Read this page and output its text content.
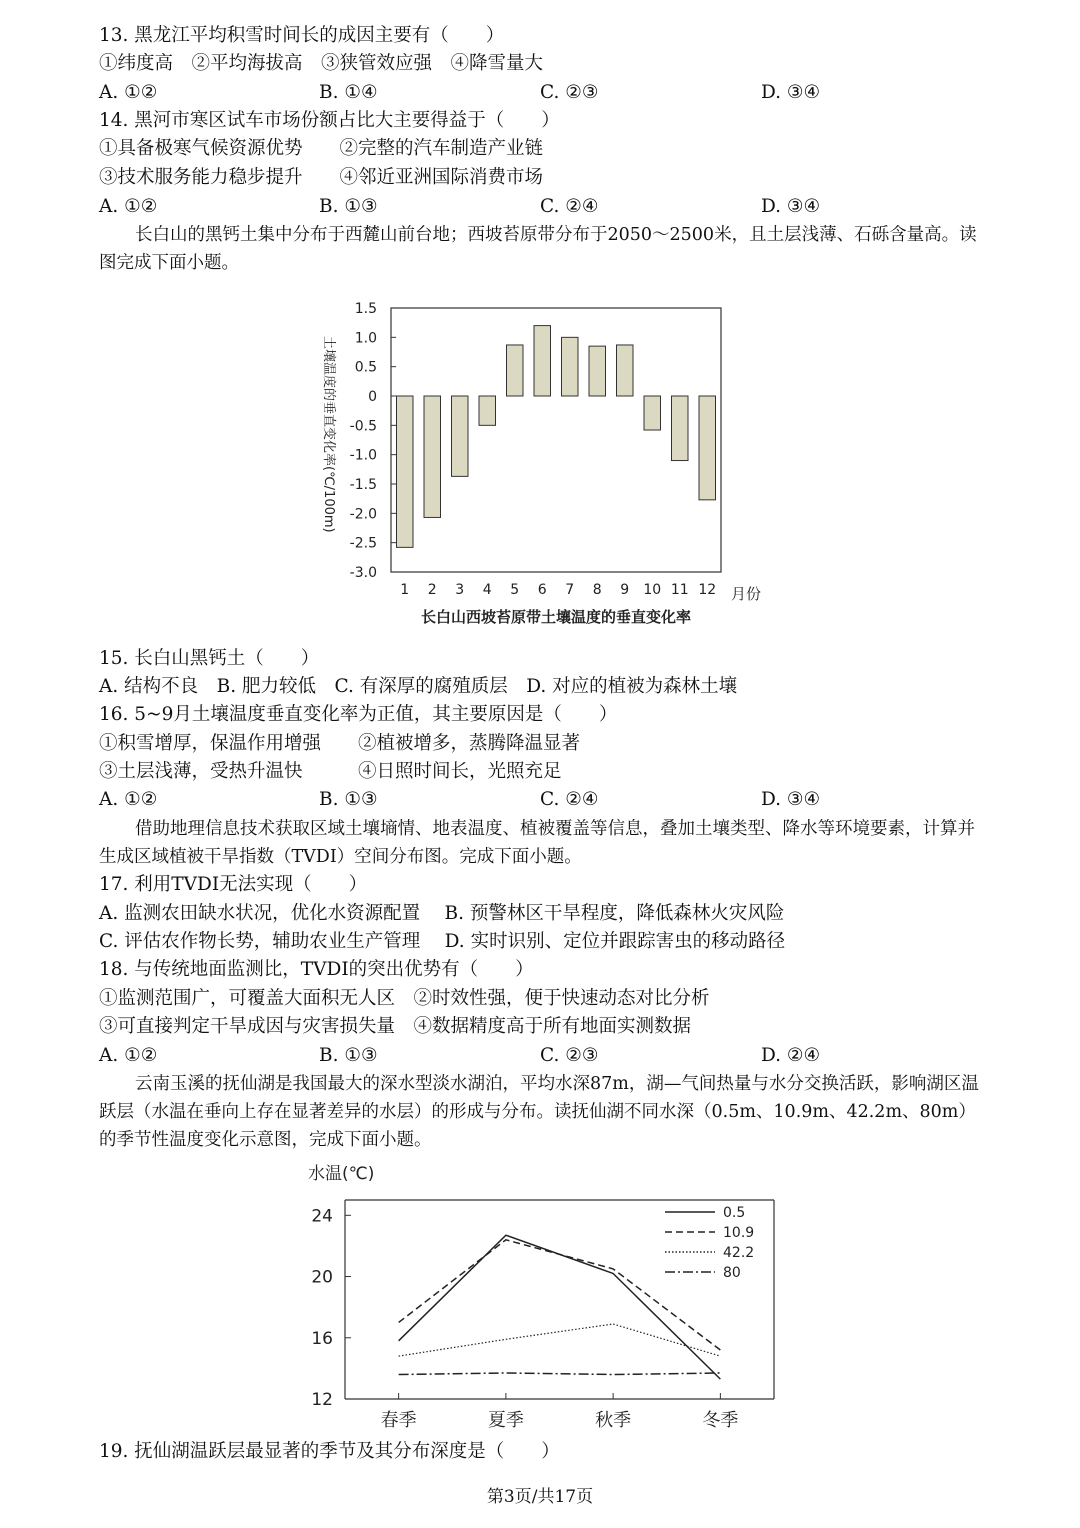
13. 黑龙江平均积雪时间长的成因主要有（　　）
①纬度高　②平均海拔高　③狭管效应强　④降雪量大
A. ①②	B. ①④	C. ②③	D. ③④
14. 黑河市寒区试车市场份额占比大主要得益于（　　）
①具备极寒气候资源优势　　②完整的汽车制造产业链
③技术服务能力稳步提升　　④邻近亚洲国际消费市场
A. ①②	B. ①③	C. ②④	D. ③④
长白山的黑钙土集中分布于西麓山前台地；西坡苔原带分布于2050～2500米，且土层浅薄、石砾含量高。读图完成下面小题。
1.5
1.0
0.5
0
-0.5
-1.0
-1.5
-2.0
-2.5
-3.0
1 2 3 4 5 6 7 8 9 10 11 12 月份
土壤温度的垂直变化率(℃/100m)
长白山西坡苔原带土壤温度的垂直变化率
15. 长白山黑钙土（　　）
A. 结构不良　B. 肥力较低　C. 有深厚的腐殖质层　D. 对应的植被为森林土壤
16. 5~9月土壤温度垂直变化率为正值，其主要原因是（　　）
①积雪增厚，保温作用增强　　②植被增多，蒸腾降温显著
③土层浅薄，受热升温快　　　④日照时间长，光照充足
A. ①②	B. ①③	C. ②④	D. ③④
借助地理信息技术获取区域土壤墒情、地表温度、植被覆盖等信息，叠加土壤类型、降水等环境要素，计算并生成区域植被干旱指数（TVDI）空间分布图。完成下面小题。
17. 利用TVDI无法实现（　　）
A. 监测农田缺水状况，优化水资源配置　 B. 预警林区干旱程度，降低森林火灾风险
C. 评估农作物长势，辅助农业生产管理　 D. 实时识别、定位并跟踪害虫的移动路径
18. 与传统地面监测比，TVDI的突出优势有（　　）
①监测范围广，可覆盖大面积无人区　②时效性强，便于快速动态对比分析
③可直接判定干旱成因与灾害损失量　④数据精度高于所有地面实测数据
A. ①②	B. ①③	C. ②③	D. ②④
云南玉溪的抚仙湖是我国最大的深水型淡水湖泊，平均水深87m，湖—气间热量与水分交换活跃，影响湖区温跃层（水温在垂向上存在显著差异的水层）的形成与分布。读抚仙湖不同水深（0.5m、10.9m、42.2m、80m）的季节性温度变化示意图，完成下面小题。
水温(℃)
24
20
16
12
春季	夏季	秋季	冬季
0.5
10.9
42.2
80
19. 抚仙湖温跃层最显著的季节及其分布深度是（　　）
第3页/共17页
